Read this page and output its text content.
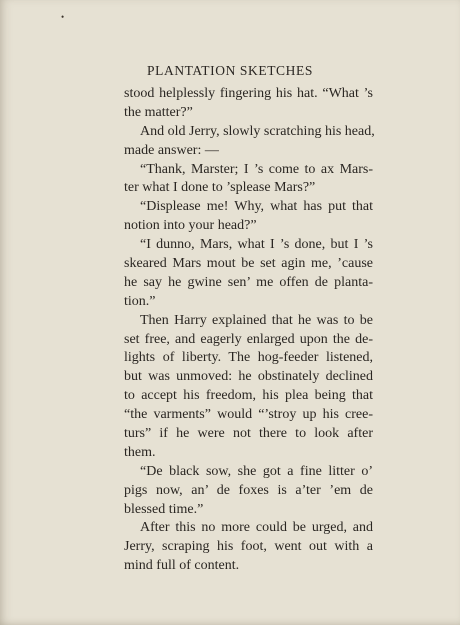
•
PLANTATION SKETCHES
stood helplessly fingering his hat. “What ’s
the matter?”
And old Jerry, slowly scratching his head,
made answer: —
“Thank, Marster; I ’s come to ax Mars-
ter what I done to ’splease Mars?”
“Displease me! Why, what has put that
notion into your head?”
“I dunno, Mars, what I ’s done, but I ’s
skeared Mars mout be set agin me, ’cause
he say he gwine sen’ me offen de planta-
tion.”
Then Harry explained that he was to be
set free, and eagerly enlarged upon the de-
lights of liberty. The hog-feeder listened,
but was unmoved: he obstinately declined
to accept his freedom, his plea being that
“the varments” would “’stroy up his cree-
turs” if he were not there to look after
them.
“De black sow, she got a fine litter o’
pigs now, an’ de foxes is a’ter ’em de
blessed time.”
After this no more could be urged, and
Jerry, scraping his foot, went out with a
mind full of content.
